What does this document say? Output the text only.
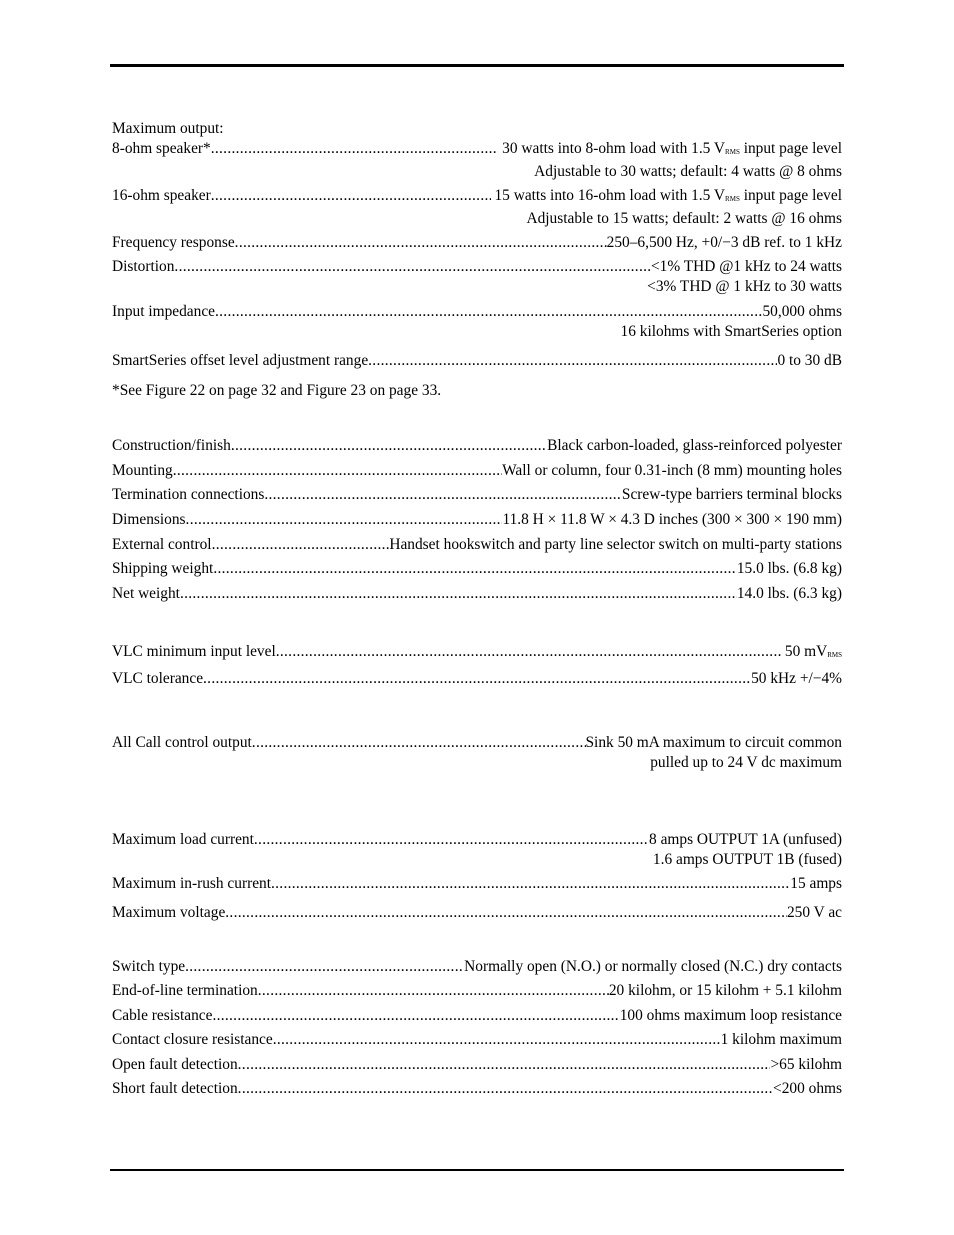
Maximum output:
8-ohm speaker* .....	30 watts into 8-ohm load with 1.5 $V_{RMS}$ input page level
Adjustable to 30 watts; default: 4 watts @ 8 ohms
16-ohm speaker .....	15 watts into 16-ohm load with 1.5 $V_{RMS}$ input page level
Adjustable to 15 watts; default: 2 watts @ 16 ohms
Frequency response .....	250–6,500 Hz, +0/−3 dB ref. to 1 kHz
Distortion .....	<1% THD @1 kHz to 24 watts
<3% THD @ 1 kHz to 30 watts
Input impedance .....	50,000 ohms
16 kilohms with SmartSeries option
SmartSeries offset level adjustment range .....	0 to 30 dB
*See Figure 22 on page 32 and Figure 23 on page 33.
Construction/finish .....	Black carbon-loaded, glass-reinforced polyester
Mounting .....	Wall or column, four 0.31-inch (8 mm) mounting holes
Termination connections .....	Screw-type barriers terminal blocks
Dimensions .....	11.8 H × 11.8 W × 4.3 D inches (300 × 300 × 190 mm)
External control .....	Handset hookswitch and party line selector switch on multi-party stations
Shipping weight .....	15.0 lbs. (6.8 kg)
Net weight .....	14.0 lbs. (6.3 kg)
VLC minimum input level .....	50 $mV_{RMS}$
VLC tolerance .....	50 kHz +/−4%
All Call control output .....	Sink 50 mA maximum to circuit common
pulled up to 24 V dc maximum
Maximum load current .....	8 amps OUTPUT 1A (unfused)
1.6 amps OUTPUT 1B (fused)
Maximum in-rush current .....	15 amps
Maximum voltage .....	250 V ac
Switch type .....	Normally open (N.O.) or normally closed (N.C.) dry contacts
End-of-line termination .....	20 kilohm, or 15 kilohm + 5.1 kilohm
Cable resistance .....	100 ohms maximum loop resistance
Contact closure resistance .....	1 kilohm maximum
Open fault detection .....	>65 kilohm
Short fault detection .....	<200 ohms
